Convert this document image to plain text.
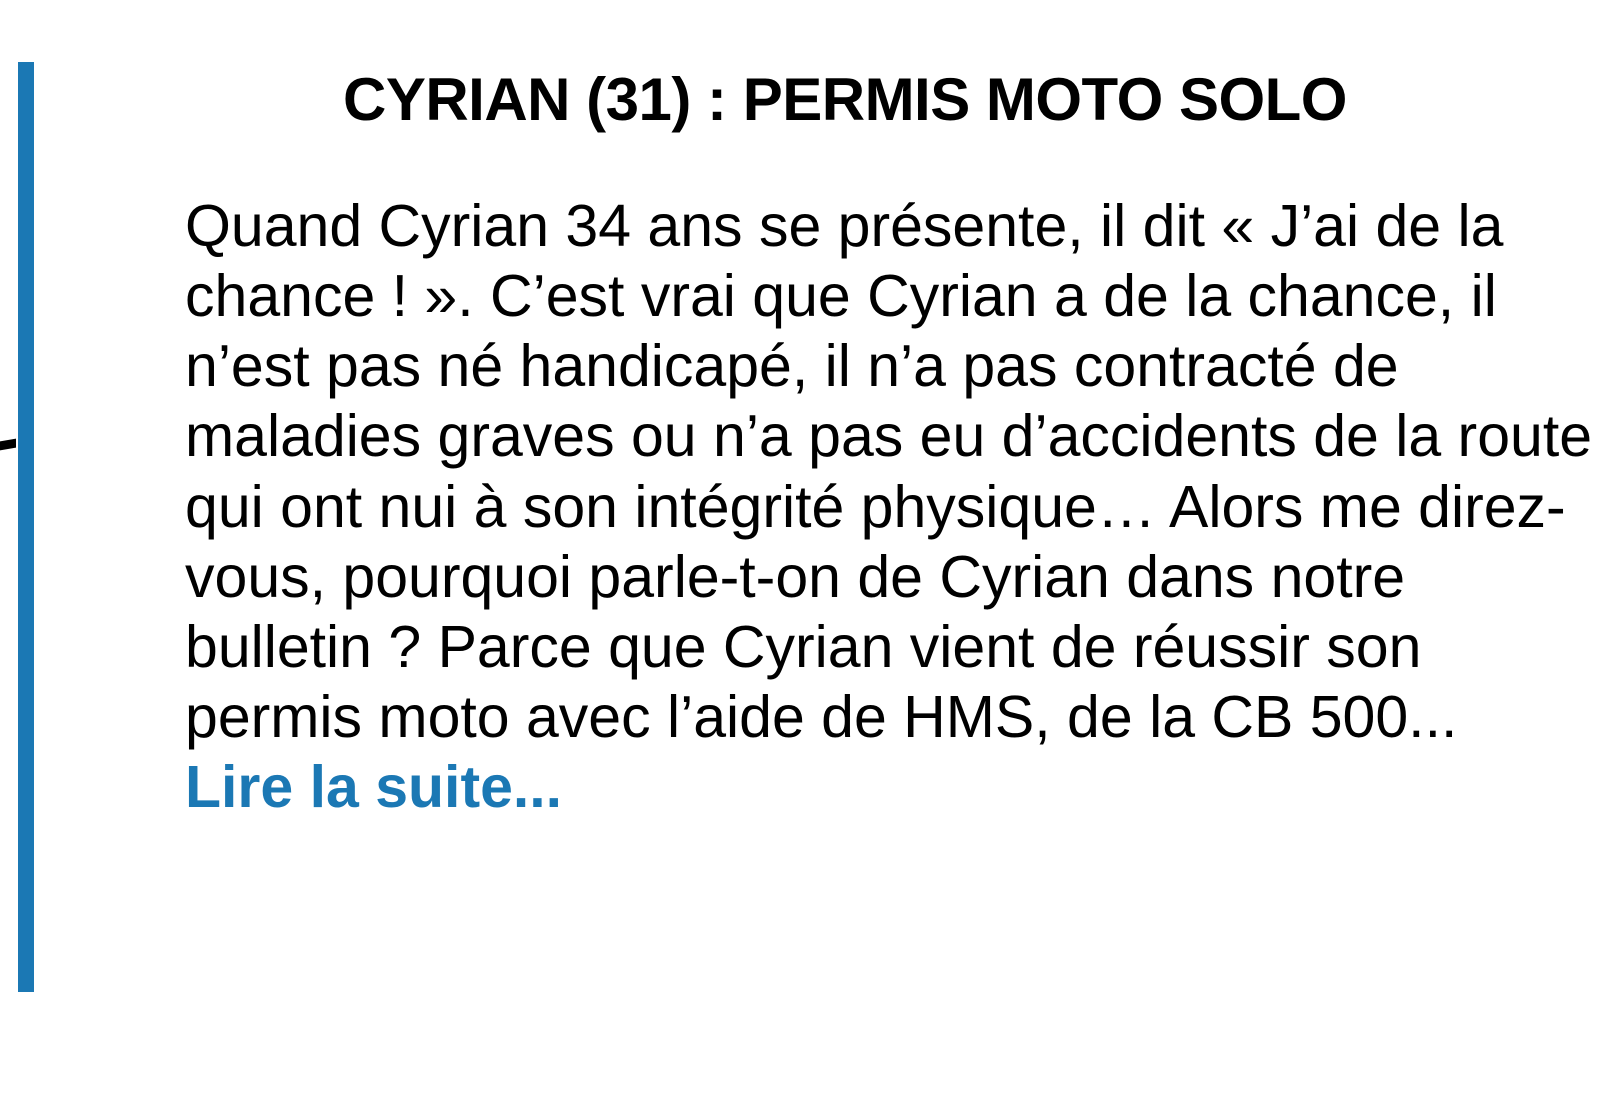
CYRIAN (31) : PERMIS MOTO SOLO

Quand Cyrian 34 ans se présente, il dit « J’ai de la chance ! ». C’est vrai que Cyrian a de la chance, il n’est pas né handicapé, il n’a pas contracté de maladies graves ou n’a pas eu d’accidents de la route qui ont nui à son intégrité physique… Alors me direz-vous, pourquoi parle-t-on de Cyrian dans notre bulletin ? Parce que Cyrian vient de réussir son permis moto avec l’aide de HMS, de la CB 500... Lire la suite...
